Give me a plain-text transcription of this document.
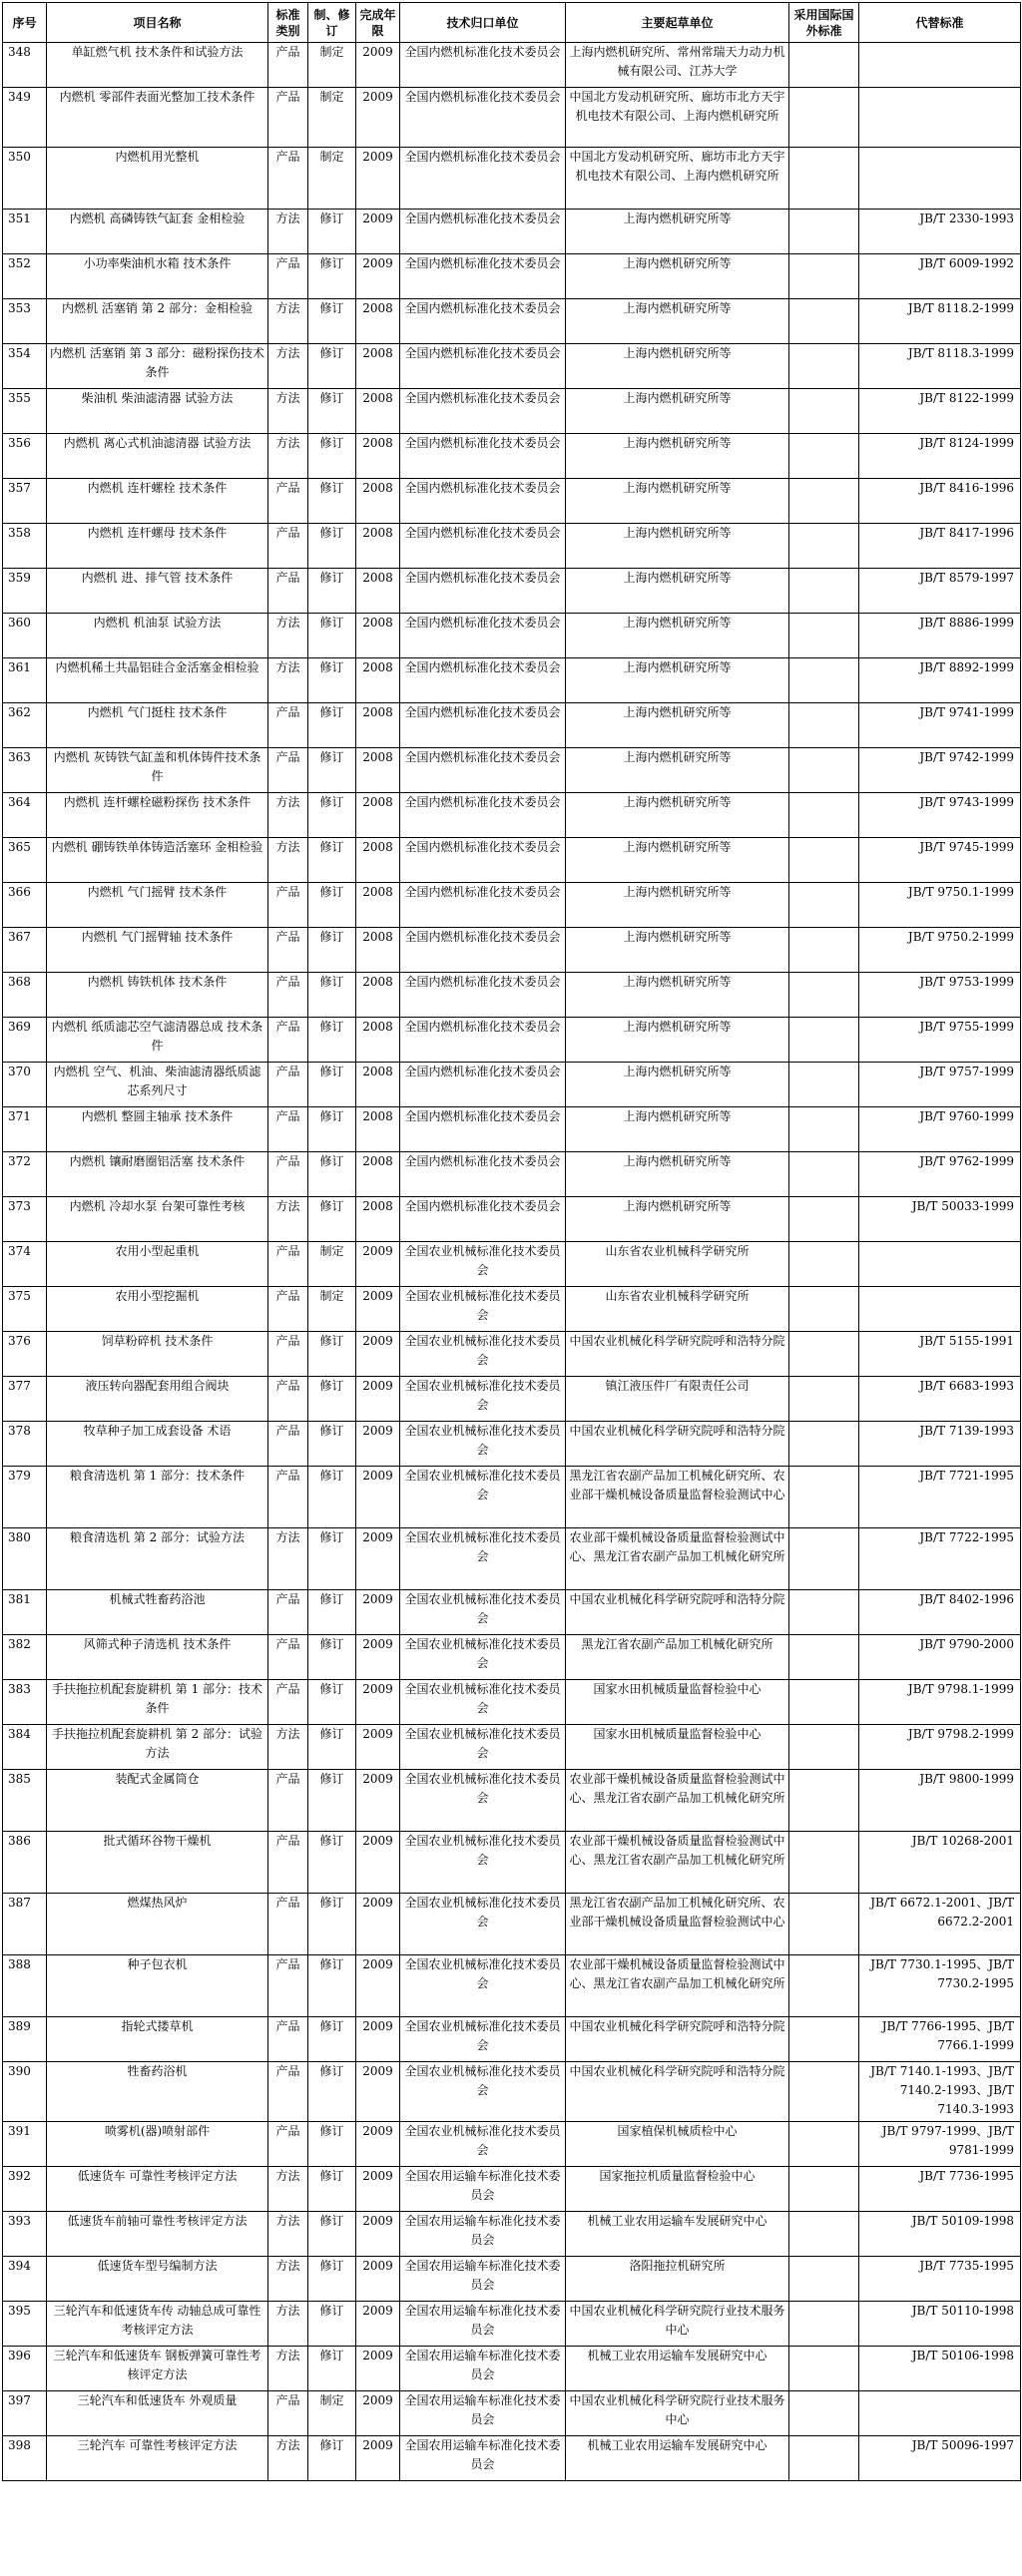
序号	项目名称	标准类别	制、修订	完成年限	技术归口单位	主要起草单位	采用国际国外标准	代替标准
348	单缸燃气机 技术条件和试验方法	产品	制定	2009	全国内燃机标准化技术委员会	上海内燃机研究所、常州常瑞天力动力机械有限公司、江苏大学		
349	内燃机 零部件表面光整加工技术条件	产品	制定	2009	全国内燃机标准化技术委员会	中国北方发动机研究所、廊坊市北方天宇机电技术有限公司、上海内燃机研究所		
350	内燃机用光整机	产品	制定	2009	全国内燃机标准化技术委员会	中国北方发动机研究所、廊坊市北方天宇机电技术有限公司、上海内燃机研究所		
351	内燃机 高磷铸铁气缸套 金相检验	方法	修订	2009	全国内燃机标准化技术委员会	上海内燃机研究所等		JB/T 2330-1993
352	小功率柴油机水箱 技术条件	产品	修订	2009	全国内燃机标准化技术委员会	上海内燃机研究所等		JB/T 6009-1992
353	内燃机 活塞销 第 2 部分：金相检验	方法	修订	2008	全国内燃机标准化技术委员会	上海内燃机研究所等		JB/T 8118.2-1999
354	内燃机 活塞销 第 3 部分：磁粉探伤技术条件	方法	修订	2008	全国内燃机标准化技术委员会	上海内燃机研究所等		JB/T 8118.3-1999
355	柴油机 柴油滤清器 试验方法	方法	修订	2008	全国内燃机标准化技术委员会	上海内燃机研究所等		JB/T 8122-1999
356	内燃机 离心式机油滤清器 试验方法	方法	修订	2008	全国内燃机标准化技术委员会	上海内燃机研究所等		JB/T 8124-1999
357	内燃机 连杆螺栓 技术条件	产品	修订	2008	全国内燃机标准化技术委员会	上海内燃机研究所等		JB/T 8416-1996
358	内燃机 连杆螺母 技术条件	产品	修订	2008	全国内燃机标准化技术委员会	上海内燃机研究所等		JB/T 8417-1996
359	内燃机 进、排气管 技术条件	产品	修订	2008	全国内燃机标准化技术委员会	上海内燃机研究所等		JB/T 8579-1997
360	内燃机 机油泵 试验方法	方法	修订	2008	全国内燃机标准化技术委员会	上海内燃机研究所等		JB/T 8886-1999
361	内燃机稀土共晶铝硅合金活塞金相检验	方法	修订	2008	全国内燃机标准化技术委员会	上海内燃机研究所等		JB/T 8892-1999
362	内燃机 气门挺柱 技术条件	产品	修订	2008	全国内燃机标准化技术委员会	上海内燃机研究所等		JB/T 9741-1999
363	内燃机 灰铸铁气缸盖和机体铸件技术条件	产品	修订	2008	全国内燃机标准化技术委员会	上海内燃机研究所等		JB/T 9742-1999
364	内燃机 连杆螺栓磁粉探伤 技术条件	方法	修订	2008	全国内燃机标准化技术委员会	上海内燃机研究所等		JB/T 9743-1999
365	内燃机 硼铸铁单体铸造活塞环 金相检验	方法	修订	2008	全国内燃机标准化技术委员会	上海内燃机研究所等		JB/T 9745-1999
366	内燃机 气门摇臂 技术条件	产品	修订	2008	全国内燃机标准化技术委员会	上海内燃机研究所等		JB/T 9750.1-1999
367	内燃机 气门摇臂轴 技术条件	产品	修订	2008	全国内燃机标准化技术委员会	上海内燃机研究所等		JB/T 9750.2-1999
368	内燃机 铸铁机体 技术条件	产品	修订	2008	全国内燃机标准化技术委员会	上海内燃机研究所等		JB/T 9753-1999
369	内燃机 纸质滤芯空气滤清器总成 技术条件	产品	修订	2008	全国内燃机标准化技术委员会	上海内燃机研究所等		JB/T 9755-1999
370	内燃机 空气、机油、柴油滤清器纸质滤芯系列尺寸	产品	修订	2008	全国内燃机标准化技术委员会	上海内燃机研究所等		JB/T 9757-1999
371	内燃机 整圆主轴承 技术条件	产品	修订	2008	全国内燃机标准化技术委员会	上海内燃机研究所等		JB/T 9760-1999
372	内燃机 镶耐磨圈铝活塞 技术条件	产品	修订	2008	全国内燃机标准化技术委员会	上海内燃机研究所等		JB/T 9762-1999
373	内燃机 冷却水泵 台架可靠性考核	方法	修订	2008	全国内燃机标准化技术委员会	上海内燃机研究所等		JB/T 50033-1999
374	农用小型起重机	产品	制定	2009	全国农业机械标准化技术委员会	山东省农业机械科学研究所		
375	农用小型挖掘机	产品	制定	2009	全国农业机械标准化技术委员会	山东省农业机械科学研究所		
376	饲草粉碎机 技术条件	产品	修订	2009	全国农业机械标准化技术委员会	中国农业机械化科学研究院呼和浩特分院		JB/T 5155-1991
377	液压转向器配套用组合阀块	产品	修订	2009	全国农业机械标准化技术委员会	镇江液压件厂有限责任公司		JB/T 6683-1993
378	牧草种子加工成套设备 术语	产品	修订	2009	全国农业机械标准化技术委员会	中国农业机械化科学研究院呼和浩特分院		JB/T 7139-1993
379	粮食清选机 第 1 部分：技术条件	产品	修订	2009	全国农业机械标准化技术委员会	黑龙江省农副产品加工机械化研究所、农业部干燥机械设备质量监督检验测试中心		JB/T 7721-1995
380	粮食清选机 第 2 部分：试验方法	方法	修订	2009	全国农业机械标准化技术委员会	农业部干燥机械设备质量监督检验测试中心、黑龙江省农副产品加工机械化研究所		JB/T 7722-1995
381	机械式牲畜药浴池	产品	修订	2009	全国农业机械标准化技术委员会	中国农业机械化科学研究院呼和浩特分院		JB/T 8402-1996
382	风筛式种子清选机 技术条件	产品	修订	2009	全国农业机械标准化技术委员会	黑龙江省农副产品加工机械化研究所		JB/T 9790-2000
383	手扶拖拉机配套旋耕机 第 1 部分：技术条件	产品	修订	2009	全国农业机械标准化技术委员会	国家水田机械质量监督检验中心		JB/T 9798.1-1999
384	手扶拖拉机配套旋耕机 第 2 部分：试验方法	方法	修订	2009	全国农业机械标准化技术委员会	国家水田机械质量监督检验中心		JB/T 9798.2-1999
385	装配式金属筒仓	产品	修订	2009	全国农业机械标准化技术委员会	农业部干燥机械设备质量监督检验测试中心、黑龙江省农副产品加工机械化研究所		JB/T 9800-1999
386	批式循环谷物干燥机	产品	修订	2009	全国农业机械标准化技术委员会	农业部干燥机械设备质量监督检验测试中心、黑龙江省农副产品加工机械化研究所		JB/T 10268-2001
387	燃煤热风炉	产品	修订	2009	全国农业机械标准化技术委员会	黑龙江省农副产品加工机械化研究所、农业部干燥机械设备质量监督检验测试中心		JB/T 6672.1-2001、JB/T 6672.2-2001
388	种子包衣机	产品	修订	2009	全国农业机械标准化技术委员会	农业部干燥机械设备质量监督检验测试中心、黑龙江省农副产品加工机械化研究所		JB/T 7730.1-1995、JB/T 7730.2-1995
389	指轮式搂草机	产品	修订	2009	全国农业机械标准化技术委员会	中国农业机械化科学研究院呼和浩特分院		JB/T 7766-1995、JB/T 7766.1-1999
390	牲畜药浴机	产品	修订	2009	全国农业机械标准化技术委员会	中国农业机械化科学研究院呼和浩特分院		JB/T 7140.1-1993、JB/T 7140.2-1993、JB/T 7140.3-1993
391	喷雾机(器)喷射部件	产品	修订	2009	全国农业机械标准化技术委员会	国家植保机械质检中心		JB/T 9797-1999、JB/T 9781-1999
392	低速货车 可靠性考核评定方法	方法	修订	2009	全国农用运输车标准化技术委员会	国家拖拉机质量监督检验中心		JB/T 7736-1995
393	低速货车前轴可靠性考核评定方法	方法	修订	2009	全国农用运输车标准化技术委员会	机械工业农用运输车发展研究中心		JB/T 50109-1998
394	低速货车型号编制方法	方法	修订	2009	全国农用运输车标准化技术委员会	洛阳拖拉机研究所		JB/T 7735-1995
395	三轮汽车和低速货车传 动轴总成可靠性考核评定方法	方法	修订	2009	全国农用运输车标准化技术委员会	中国农业机械化科学研究院行业技术服务中心		JB/T 50110-1998
396	三轮汽车和低速货车 钢板弹簧可靠性考核评定方法	方法	修订	2009	全国农用运输车标准化技术委员会	机械工业农用运输车发展研究中心		JB/T 50106-1998
397	三轮汽车和低速货车 外观质量	产品	制定	2009	全国农用运输车标准化技术委员会	中国农业机械化科学研究院行业技术服务中心		
398	三轮汽车 可靠性考核评定方法	方法	修订	2009	全国农用运输车标准化技术委员会	机械工业农用运输车发展研究中心		JB/T 50096-1997
